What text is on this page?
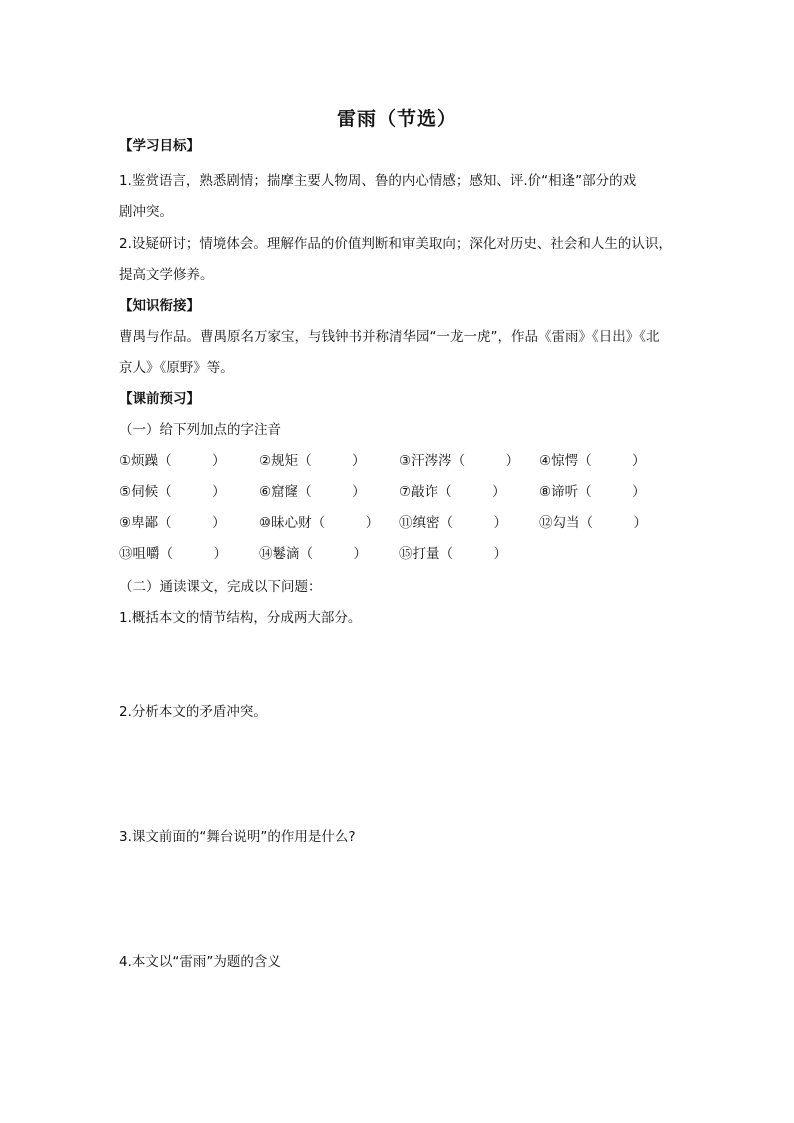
雷雨（节选）
【学习目标】
1.鉴赏语言，熟悉剧情；揣摩主要人物周、鲁的内心情感；感知、评.价“相逢”部分的戏
剧冲突。
2.设疑研讨；情境体会。理解作品的价值判断和审美取向；深化对历史、社会和人生的认识，
提高文学修养。
【知识衔接】
曹禺与作品。曹禺原名万家宝，与钱钟书并称清华园“一龙一虎”，作品《雷雨》《日出》《北
京人》《原野》等。
【课前预习】
（一）给下列加点的字注音
①烦躁（　　　） ②规矩（　　　） ③汗涔涔（　　　） ④惊愕（　　　）
⑤伺候（　　　） ⑥窟窿（　　　） ⑦敲诈（　　　） ⑧谛听（　　　）
⑨卑鄙（　　　） ⑩昧心财（　　　） ⑪缜密（　　　） ⑫勾当（　　　）
⑬咀嚼（　　　） ⑭鬈滴（　　　） ⑮打量（　　　）
（二）通读课文，完成以下问题：
1.概括本文的情节结构，分成两大部分。
2.分析本文的矛盾冲突。
3.课文前面的“舞台说明”的作用是什么?
4.本文以“雷雨”为题的含义
